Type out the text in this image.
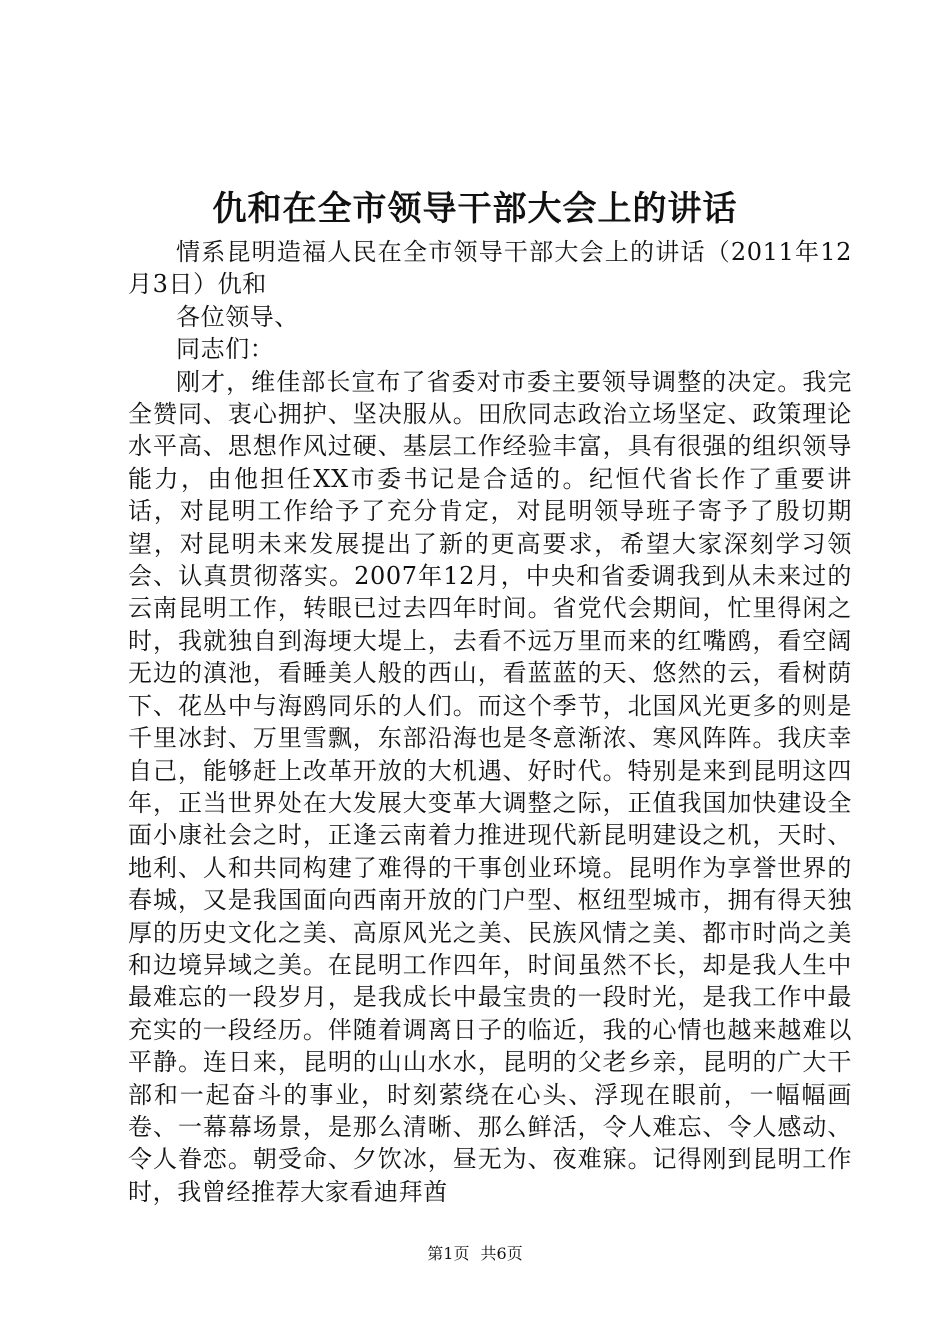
仇和在全市领导干部大会上的讲话

情系昆明造福人民在全市领导干部大会上的讲话（2011年12月3日）仇和

各位领导、

同志们：

刚才，维佳部长宣布了省委对市委主要领导调整的决定。我完全赞同、衷心拥护、坚决服从。田欣同志政治立场坚定、政策理论水平高、思想作风过硬、基层工作经验丰富，具有很强的组织领导能力，由他担任XX市委书记是合适的。纪恒代省长作了重要讲话，对昆明工作给予了充分肯定，对昆明领导班子寄予了殷切期望，对昆明未来发展提出了新的更高要求，希望大家深刻学习领会、认真贯彻落实。2007年12月，中央和省委调我到从未来过的云南昆明工作，转眼已过去四年时间。省党代会期间，忙里得闲之时，我就独自到海埂大堤上，去看不远万里而来的红嘴鸥，看空阔无边的滇池，看睡美人般的西山，看蓝蓝的天、悠然的云，看树荫下、花丛中与海鸥同乐的人们。而这个季节，北国风光更多的则是千里冰封、万里雪飘，东部沿海也是冬意渐浓、寒风阵阵。我庆幸自己，能够赶上改革开放的大机遇、好时代。特别是来到昆明这四年，正当世界处在大发展大变革大调整之际，正值我国加快建设全面小康社会之时，正逢云南着力推进现代新昆明建设之机，天时、地利、人和共同构建了难得的干事创业环境。昆明作为享誉世界的春城，又是我国面向西南开放的门户型、枢纽型城市，拥有得天独厚的历史文化之美、高原风光之美、民族风情之美、都市时尚之美和边境异域之美。在昆明工作四年，时间虽然不长，却是我人生中最难忘的一段岁月，是我成长中最宝贵的一段时光，是我工作中最充实的一段经历。伴随着调离日子的临近，我的心情也越来越难以平静。连日来，昆明的山山水水，昆明的父老乡亲，昆明的广大干部和一起奋斗的事业，时刻萦绕在心头、浮现在眼前，一幅幅画卷、一幕幕场景，是那么清晰、那么鲜活，令人难忘、令人感动、令人眷恋。朝受命、夕饮冰，昼无为、夜难寐。记得刚到昆明工作时，我曾经推荐大家看迪拜酋

第1页 共6页
